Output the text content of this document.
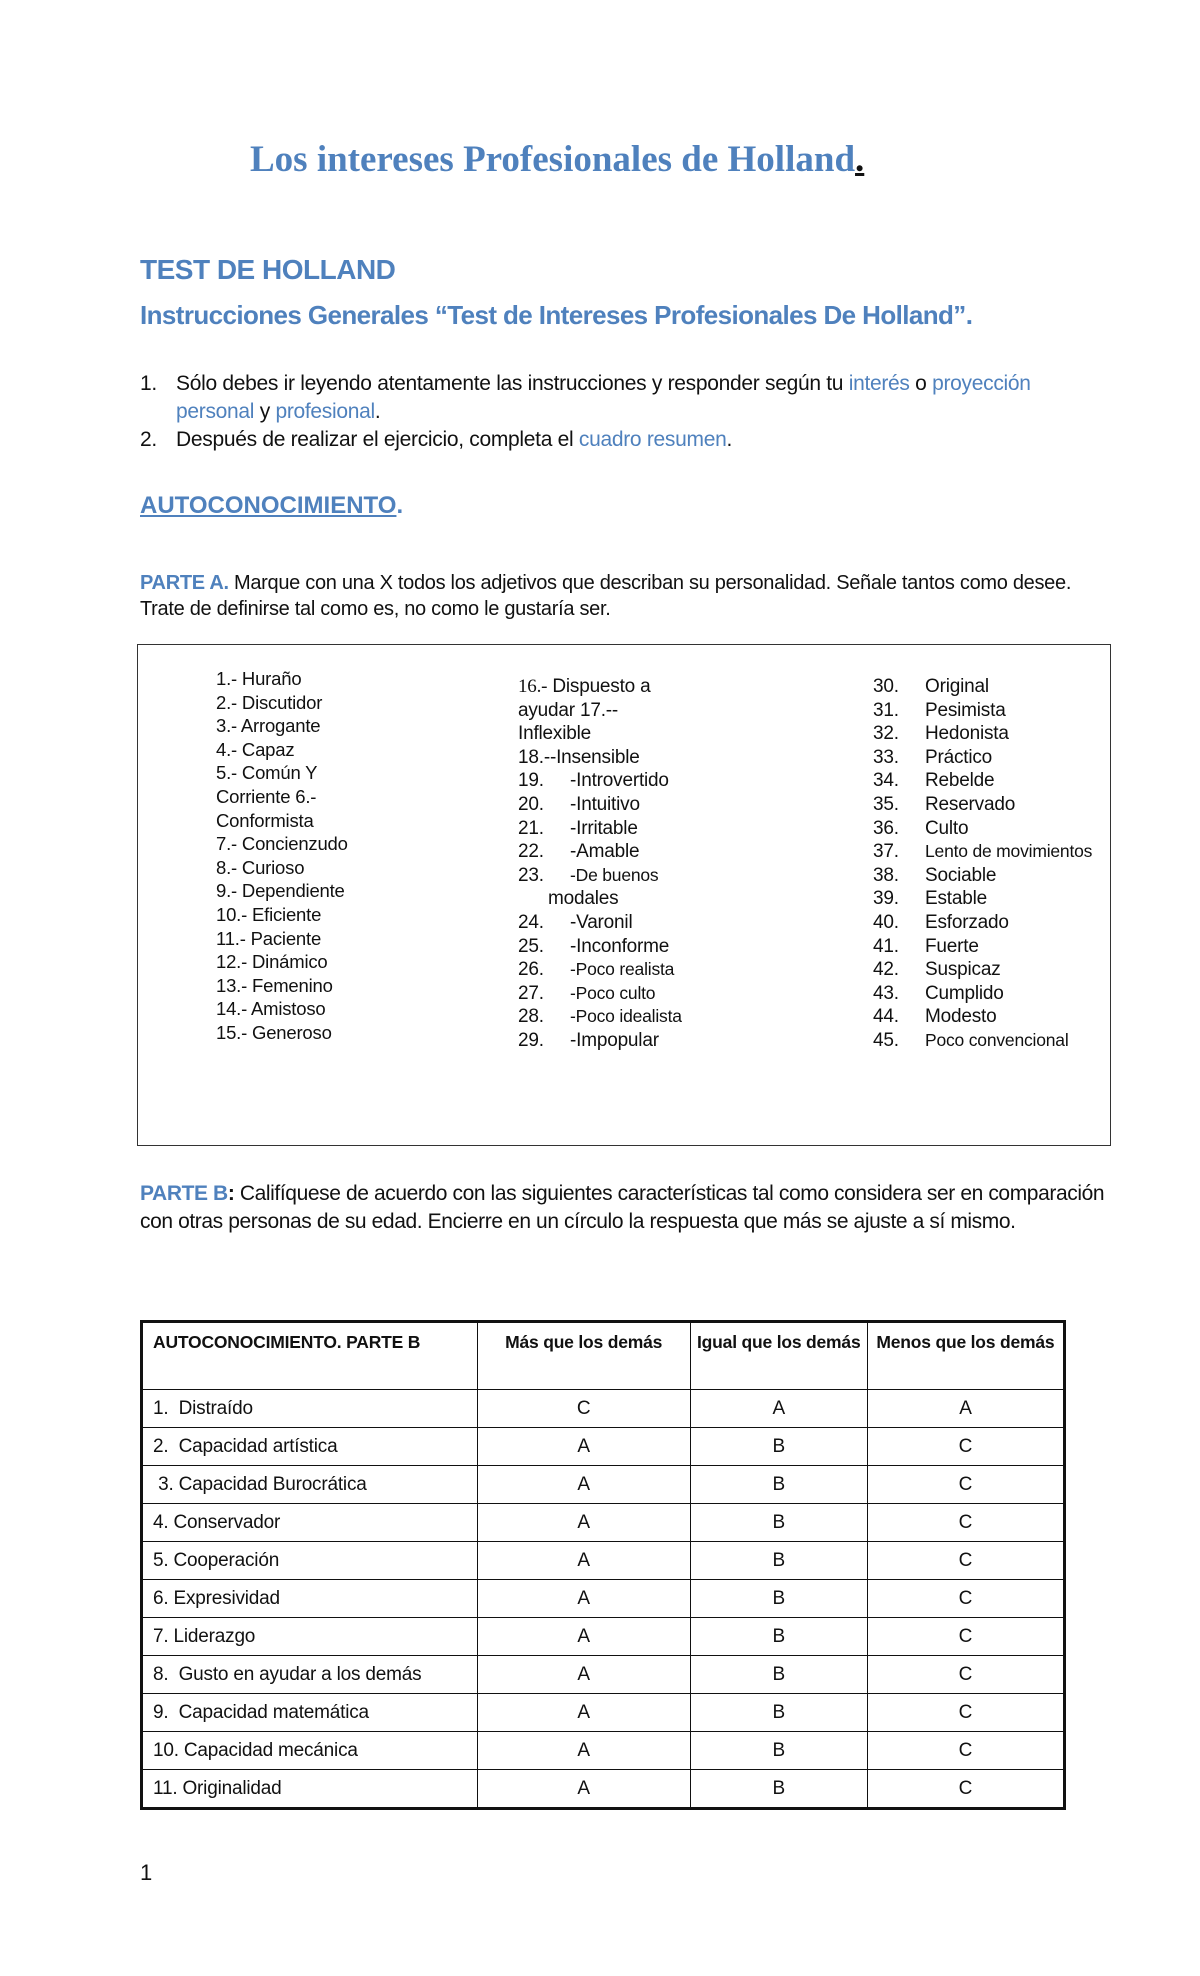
Los intereses Profesionales de Holland.
TEST DE HOLLAND
Instrucciones Generales “Test de Intereses Profesionales De Holland”.
1. Sólo debes ir leyendo atentamente las instrucciones y responder según tu interés o proyección personal y profesional.
2. Después de realizar el ejercicio, completa el cuadro resumen.
AUTOCONOCIMIENTO.

PARTE A. Marque con una X todos los adjetivos que describan su personalidad. Señale tantos como desee. Trate de definirse tal como es, no como le gustaría ser.

1.- Huraño
2.- Discutidor
3.- Arrogante
4.- Capaz
5.- Común Y
Corriente 6.-
Conformista
7.- Concienzudo
8.- Curioso
9.- Dependiente
10.- Eficiente
11.- Paciente
12.- Dinámico
13.- Femenino
14.- Amistoso
15.- Generoso
16.- Dispuesto a
ayudar 17.--
Inflexible
18.--Insensible
19.	-Introvertido
20.	-Intuitivo
21.	-Irritable
22.	-Amable
23.	-De buenos
modales
24.	-Varonil
25.	-Inconforme
26.	-Poco realista
27.	-Poco culto
28.	-Poco idealista
29.	-Impopular
30.	Original
31.	Pesimista
32.	Hedonista
33.	Práctico
34.	Rebelde
35.	Reservado
36.	Culto
37.	Lento de movimientos
38.	Sociable
39.	Estable
40.	Esforzado
41.	Fuerte
42.	Suspicaz
43.	Cumplido
44.	Modesto
45.	Poco convencional

PARTE B: Califíquese de acuerdo con las siguientes características tal como considera ser en comparación con otras personas de su edad. Encierre en un círculo la respuesta que más se ajuste a sí mismo.

AUTOCONOCIMIENTO. PARTE B	Más que los demás	Igual que los demás	Menos que los demás
1.  Distraído	C	A	A
2.  Capacidad artística	A	B	C
3. Capacidad Burocrática	A	B	C
4. Conservador	A	B	C
5. Cooperación	A	B	C
6. Expresividad	A	B	C
7. Liderazgo	A	B	C
8.  Gusto en ayudar a los demás	A	B	C
9.  Capacidad matemática	A	B	C
10. Capacidad mecánica	A	B	C
11. Originalidad	A	B	C

1
